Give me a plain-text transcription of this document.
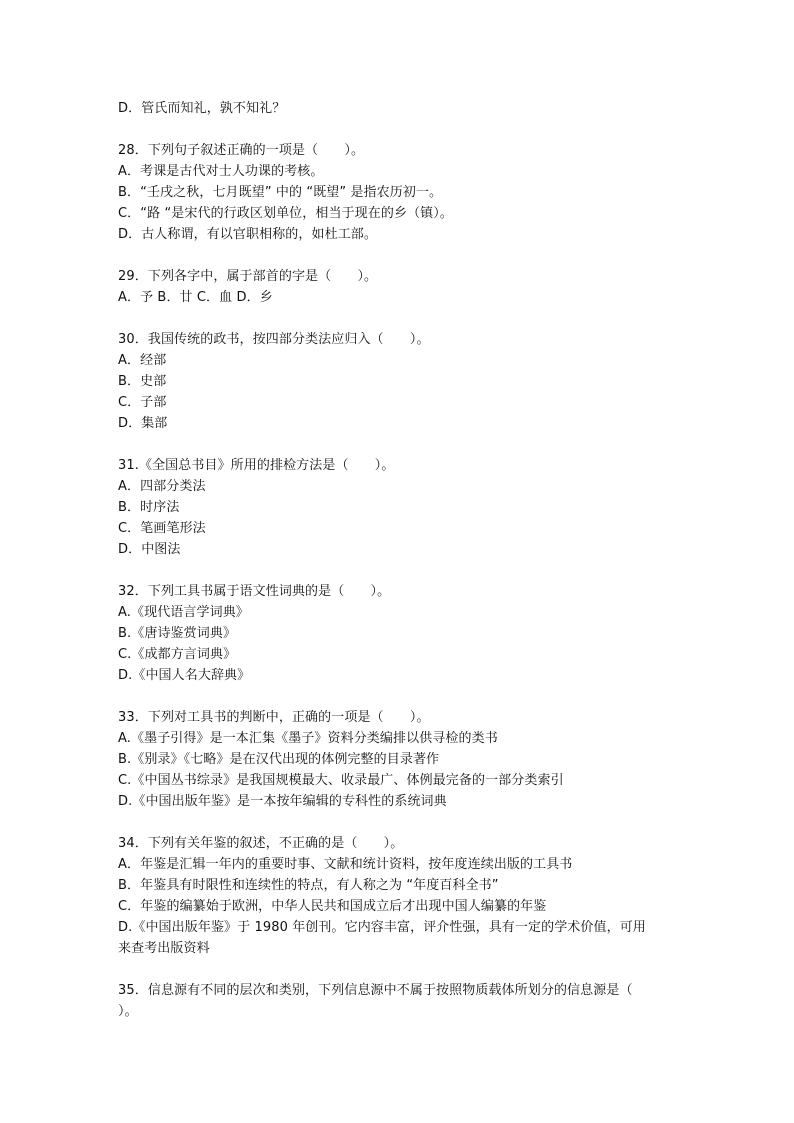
D．管氏而知礼，孰不知礼？
28．下列句子叙述正确的一项是（　　）。
A．考课是古代对士人功课的考核。
B．“壬戌之秋，七月既望” 中的 “既望” 是指农历初一。
C．“路 “是宋代的行政区划单位，相当于现在的乡（镇）。
D．古人称谓，有以官职相称的，如杜工部。
29．下列各字中，属于部首的字是（　　）。
A．予 B．廿 C．血 D．乡
30．我国传统的政书，按四部分类法应归入（　　）。
A．经部
B．史部
C．子部
D．集部
31.《全国总书目》所用的排检方法是（　　）。
A．四部分类法
B．时序法
C．笔画笔形法
D．中图法
32．下列工具书属于语文性词典的是（　　）。
A.《现代语言学词典》
B.《唐诗鉴赏词典》
C.《成都方言词典》
D.《中国人名大辞典》
33．下列对工具书的判断中，正确的一项是（　　）。
A.《墨子引得》是一本汇集《墨子》资料分类编排以供寻检的类书
B.《别录》《七略》是在汉代出现的体例完整的目录著作
C.《中国丛书综录》是我国规模最大、收录最广、体例最完备的一部分类索引
D.《中国出版年鉴》是一本按年编辑的专科性的系统词典
34．下列有关年鉴的叙述，不正确的是（　　）。
A．年鉴是汇辑一年内的重要时事、文献和统计资料，按年度连续出版的工具书
B．年鉴具有时限性和连续性的特点，有人称之为 “年度百科全书”
C．年鉴的编纂始于欧洲，中华人民共和国成立后才出现中国人编纂的年鉴
D.《中国出版年鉴》于 1980 年创刊。它内容丰富，评介性强，具有一定的学术价值，可用
来查考出版资料
35．信息源有不同的层次和类别，下列信息源中不属于按照物质载体所划分的信息源是（
）。
